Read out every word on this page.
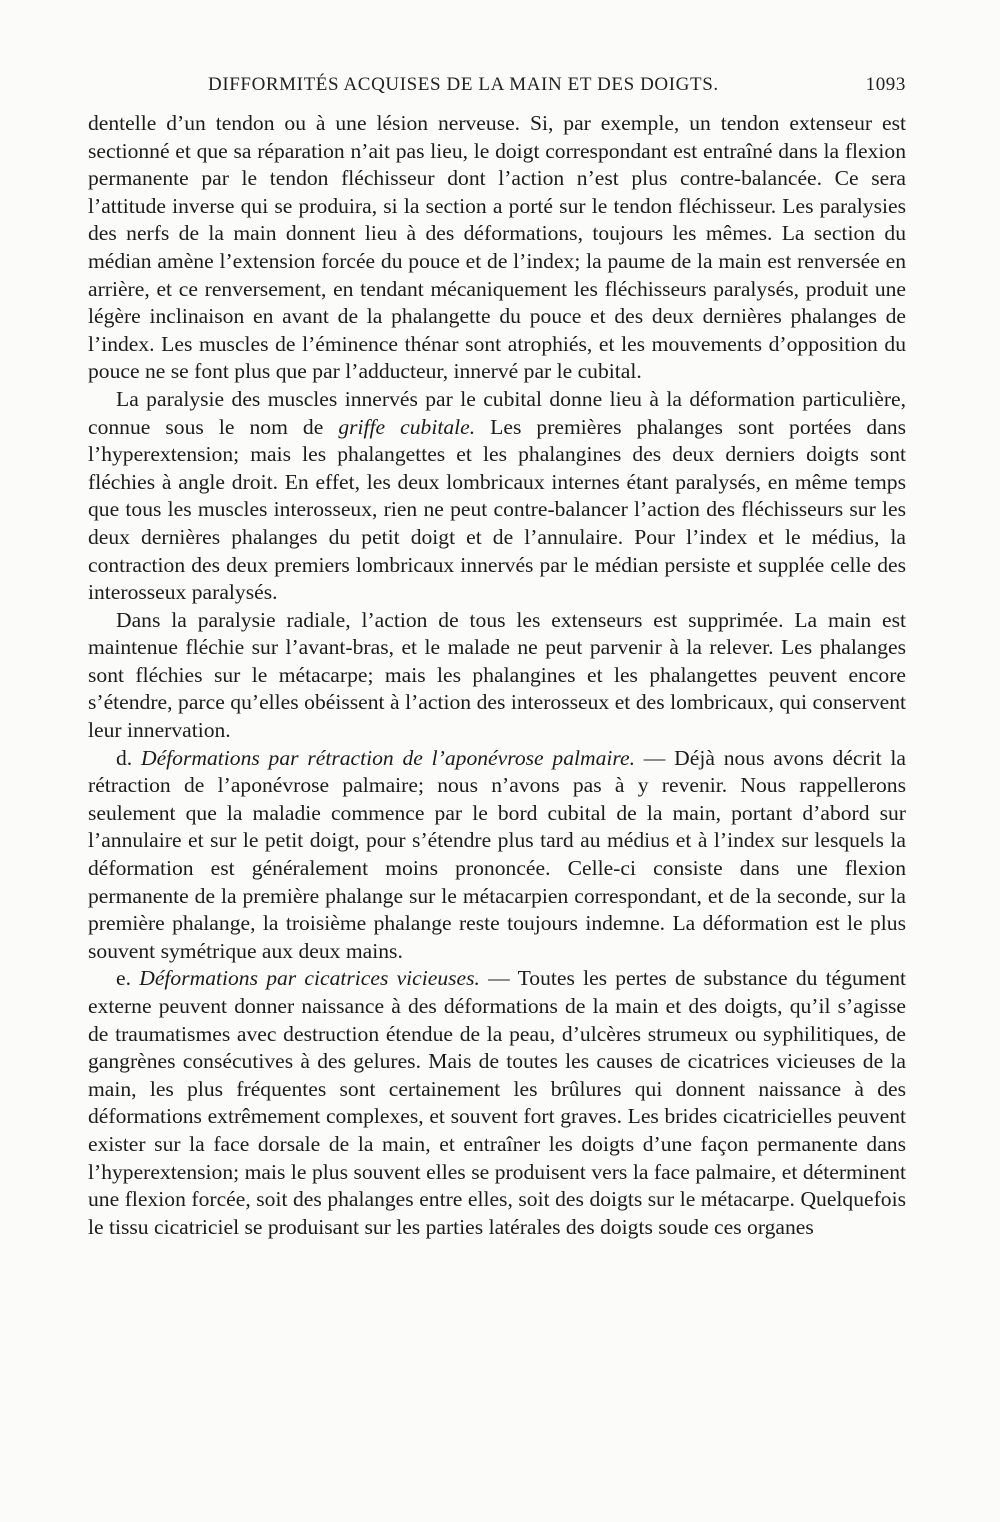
DIFFORMITÉS ACQUISES DE LA MAIN ET DES DOIGTS.	1093

dentelle d’un tendon ou à une lésion nerveuse. Si, par exemple, un tendon extenseur est sectionné et que sa réparation n’ait pas lieu, le doigt correspondant est entraîné dans la flexion permanente par le tendon fléchisseur dont l’action n’est plus contre-balancée. Ce sera l’attitude inverse qui se produira, si la section a porté sur le tendon fléchisseur. Les paralysies des nerfs de la main donnent lieu à des déformations, toujours les mêmes. La section du médian amène l’extension forcée du pouce et de l’index; la paume de la main est renversée en arrière, et ce renversement, en tendant mécaniquement les fléchisseurs paralysés, produit une légère inclinaison en avant de la phalangette du pouce et des deux dernières phalanges de l’index. Les muscles de l’éminence thénar sont atrophiés, et les mouvements d’opposition du pouce ne se font plus que par l’adducteur, innervé par le cubital.

La paralysie des muscles innervés par le cubital donne lieu à la déformation particulière, connue sous le nom de griffe cubitale. Les premières phalanges sont portées dans l’hyperextension; mais les phalangettes et les phalangines des deux derniers doigts sont fléchies à angle droit. En effet, les deux lombricaux internes étant paralysés, en même temps que tous les muscles interosseux, rien ne peut contre-balancer l’action des fléchisseurs sur les deux dernières phalanges du petit doigt et de l’annulaire. Pour l’index et le médius, la contraction des deux premiers lombricaux innervés par le médian persiste et supplée celle des interosseux paralysés.

Dans la paralysie radiale, l’action de tous les extenseurs est supprimée. La main est maintenue fléchie sur l’avant-bras, et le malade ne peut parvenir à la relever. Les phalanges sont fléchies sur le métacarpe; mais les phalangines et les phalangettes peuvent encore s’étendre, parce qu’elles obéissent à l’action des interosseux et des lombricaux, qui conservent leur innervation.

d. Déformations par rétraction de l’aponévrose palmaire. — Déjà nous avons décrit la rétraction de l’aponévrose palmaire; nous n’avons pas à y revenir. Nous rappellerons seulement que la maladie commence par le bord cubital de la main, portant d’abord sur l’annulaire et sur le petit doigt, pour s’étendre plus tard au médius et à l’index sur lesquels la déformation est généralement moins prononcée. Celle-ci consiste dans une flexion permanente de la première phalange sur le métacarpien correspondant, et de la seconde, sur la première phalange, la troisième phalange reste toujours indemne. La déformation est le plus souvent symétrique aux deux mains.

e. Déformations par cicatrices vicieuses. — Toutes les pertes de substance du tégument externe peuvent donner naissance à des déformations de la main et des doigts, qu’il s’agisse de traumatismes avec destruction étendue de la peau, d’ulcères strumeux ou syphilitiques, de gangrènes consécutives à des gelures. Mais de toutes les causes de cicatrices vicieuses de la main, les plus fréquentes sont certainement les brûlures qui donnent naissance à des déformations extrêmement complexes, et souvent fort graves. Les brides cicatricielles peuvent exister sur la face dorsale de la main, et entraîner les doigts d’une façon permanente dans l’hyperextension; mais le plus souvent elles se produisent vers la face palmaire, et déterminent une flexion forcée, soit des phalanges entre elles, soit des doigts sur le métacarpe. Quelquefois le tissu cicatriciel se produisant sur les parties latérales des doigts soude ces organes
